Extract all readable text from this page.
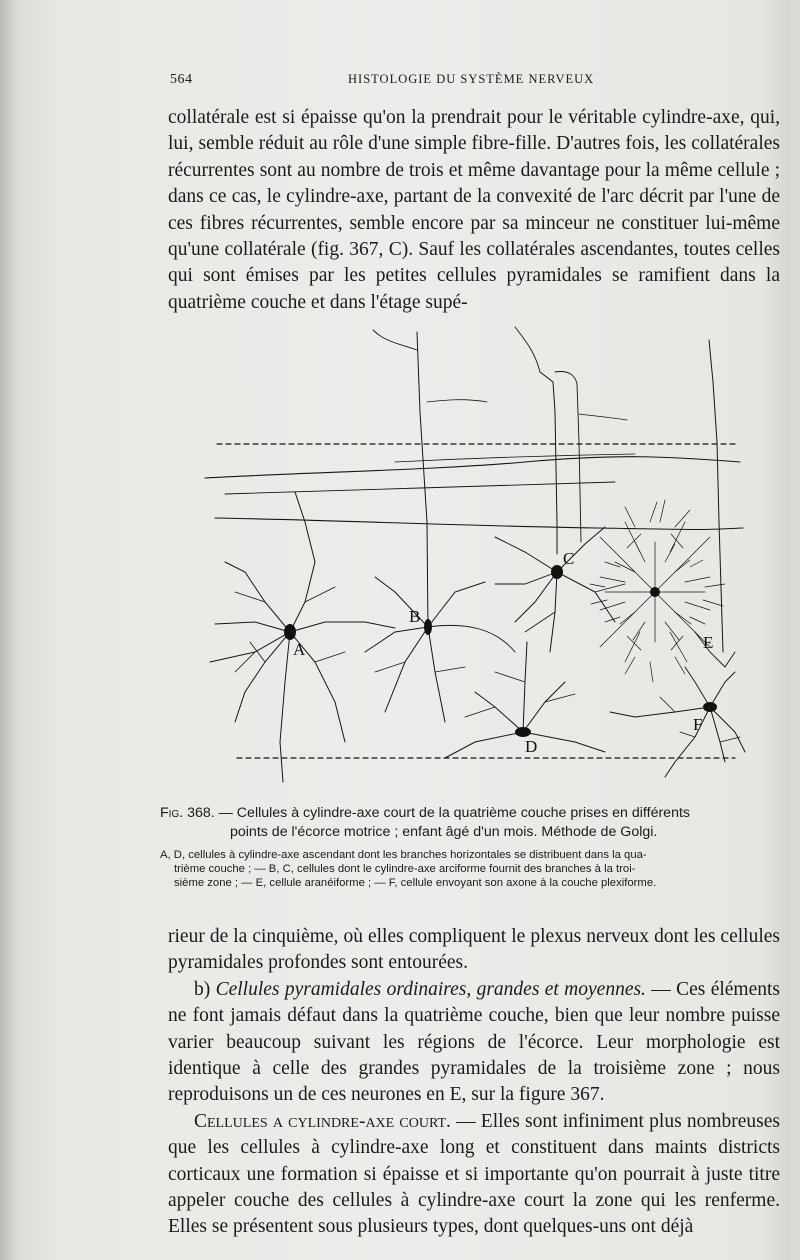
564	HISTOLOGIE DU SYSTÈME NERVEUX

collatérale est si épaisse qu'on la prendrait pour le véritable cylindre-axe, qui, lui, semble réduit au rôle d'une simple fibre-fille. D'autres fois, les collatérales récurrentes sont au nombre de trois et même davantage pour la même cellule ; dans ce cas, le cylindre-axe, partant de la convexité de l'arc décrit par l'une de ces fibres récurrentes, semble encore par sa minceur ne constituer lui-même qu'une collatérale (fig. 367, C). Sauf les collatérales ascendantes, toutes celles qui sont émises par les petites cellules pyramidales se ramifient dans la quatrième couche et dans l'étage supé-

A
B
C
D
E
F

Fig. 368. — Cellules à cylindre-axe court de la quatrième couche prises en différents
points de l'écorce motrice ; enfant âgé d'un mois. Méthode de Golgi.

A, D, cellules à cylindre-axe ascendant dont les branches horizontales se distribuent dans la qua-
trième couche ; — B, C, cellules dont le cylindre-axe arciforme fournit des branches à la troi-
sième zone ; — E, cellule aranéiforme ; — F, cellule envoyant son axone à la couche plexiforme.

rieur de la cinquième, où elles compliquent le plexus nerveux dont les cellules pyramidales profondes sont entourées.

b) Cellules pyramidales ordinaires, grandes et moyennes. — Ces éléments ne font jamais défaut dans la quatrième couche, bien que leur nombre puisse varier beaucoup suivant les régions de l'écorce. Leur morphologie est identique à celle des grandes pyramidales de la troisième zone ; nous reproduisons un de ces neurones en E, sur la figure 367.

Cellules a cylindre-axe court. — Elles sont infiniment plus nombreuses que les cellules à cylindre-axe long et constituent dans maints districts corticaux une formation si épaisse et si importante qu'on pourrait à juste titre appeler couche des cellules à cylindre-axe court la zone qui les renferme. Elles se présentent sous plusieurs types, dont quelques-uns ont déjà
